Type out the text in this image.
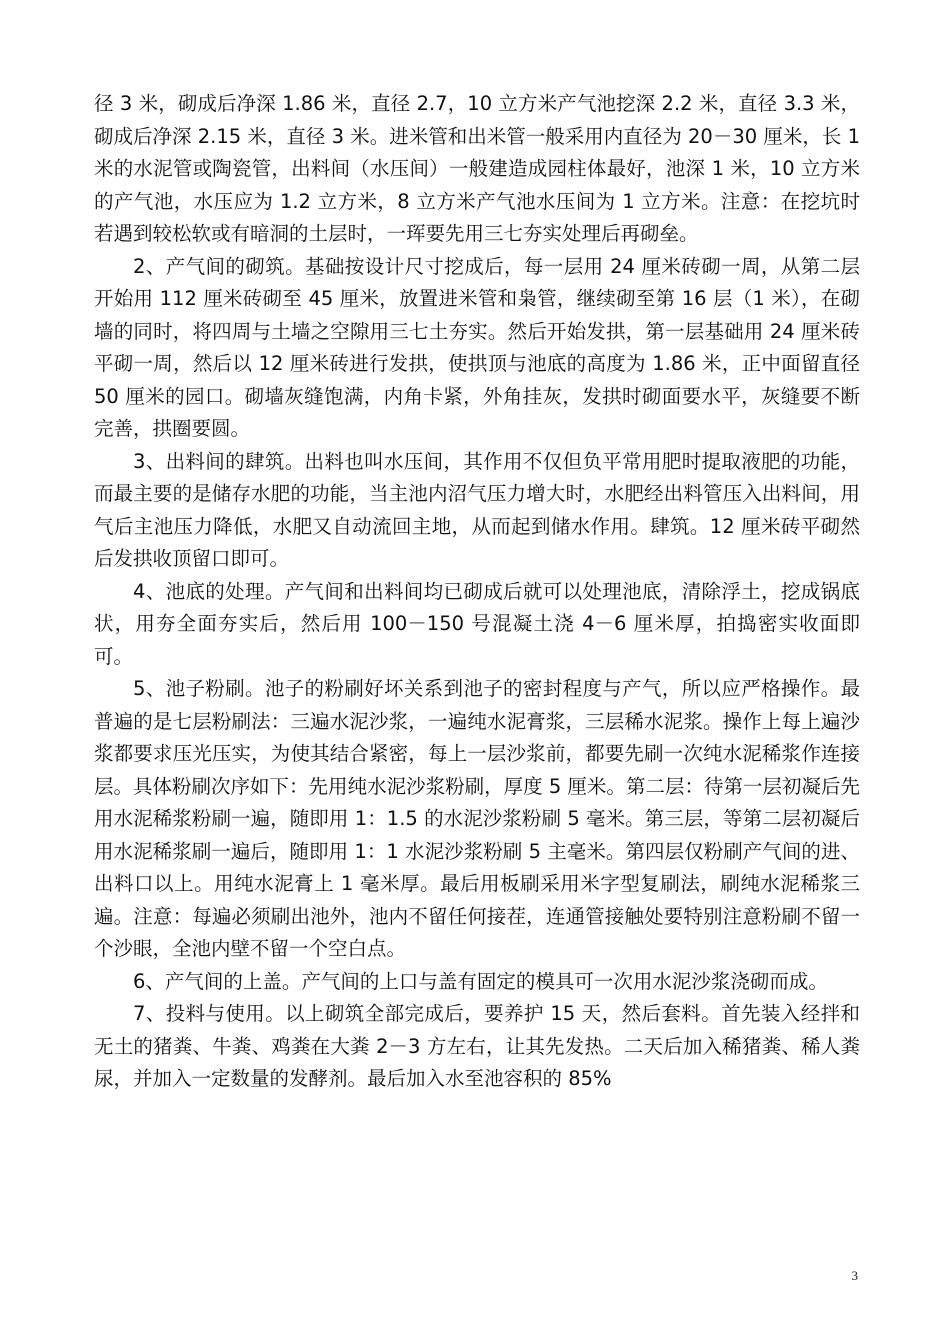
径 3 米，砌成后净深 1.86 米，直径 2.7，10 立方米产气池挖深 2.2 米，直径 3.3 米，砌成后净深 2.15 米，直径 3 米。进米管和出米管一般采用内直径为 20－30 厘米，长 1 米的水泥管或陶瓷管，出料间（水压间）一般建造成园柱体最好，池深 1 米，10 立方米的产气池，水压应为 1.2 立方米，8 立方米产气池水压间为 1 立方米。注意：在挖坑时若遇到较松软或有暗洞的土层时，一珲要先用三七夯实处理后再砌垒。

2、产气间的砌筑。基础按设计尺寸挖成后，每一层用 24 厘米砖砌一周，从第二层开始用 112 厘米砖砌至 45 厘米，放置进米管和枭管，继续砌至第 16 层（1 米），在砌墙的同时，将四周与土墙之空隙用三七土夯实。然后开始发拱，第一层基础用 24 厘米砖平砌一周，然后以 12 厘米砖进行发拱，使拱顶与池底的高度为 1.86 米，正中面留直径 50 厘米的园口。砌墙灰缝饱满，内角卡紧，外角挂灰，发拱时砌面要水平，灰缝要不断完善，拱圈要圆。

3、出料间的肆筑。出料也叫水压间，其作用不仅但负平常用肥时提取液肥的功能，而最主要的是储存水肥的功能，当主池内沼气压力增大时，水肥经出料管压入出料间，用气后主池压力降低，水肥又自动流回主地，从而起到储水作用。肆筑。12 厘米砖平砌然后发拱收顶留口即可。

4、池底的处理。产气间和出料间均已砌成后就可以处理池底，清除浮土，挖成锅底状，用夯全面夯实后，然后用 100－150 号混凝土浇 4－6 厘米厚，拍捣密实收面即可。

5、池子粉刷。池子的粉刷好坏关系到池子的密封程度与产气，所以应严格操作。最普遍的是七层粉刷法：三遍水泥沙浆，一遍纯水泥膏浆，三层稀水泥浆。操作上每上遍沙浆都要求压光压实，为使其结合紧密，每上一层沙浆前，都要先刷一次纯水泥稀浆作连接层。具体粉刷次序如下：先用纯水泥沙浆粉刷，厚度 5 厘米。第二层：待第一层初凝后先用水泥稀浆粉刷一遍，随即用 1：1.5 的水泥沙浆粉刷 5 毫米。第三层，等第二层初凝后用水泥稀浆刷一遍后，随即用 1：1 水泥沙浆粉刷 5 主毫米。第四层仅粉刷产气间的进、出料口以上。用纯水泥膏上 1 毫米厚。最后用板刷采用米字型复刷法，刷纯水泥稀浆三遍。注意：每遍必须刷出池外，池内不留任何接茬，连通管接触处要特别注意粉刷不留一个沙眼，全池内壁不留一个空白点。

6、产气间的上盖。产气间的上口与盖有固定的模具可一次用水泥沙浆浇砌而成。

7、投料与使用。以上砌筑全部完成后，要养护 15 天，然后套料。首先装入经拌和无土的猪粪、牛粪、鸡粪在大粪 2－3 方左右，让其先发热。二天后加入稀猪粪、稀人粪尿，并加入一定数量的发酵剂。最后加入水至池容积的 85%

3
